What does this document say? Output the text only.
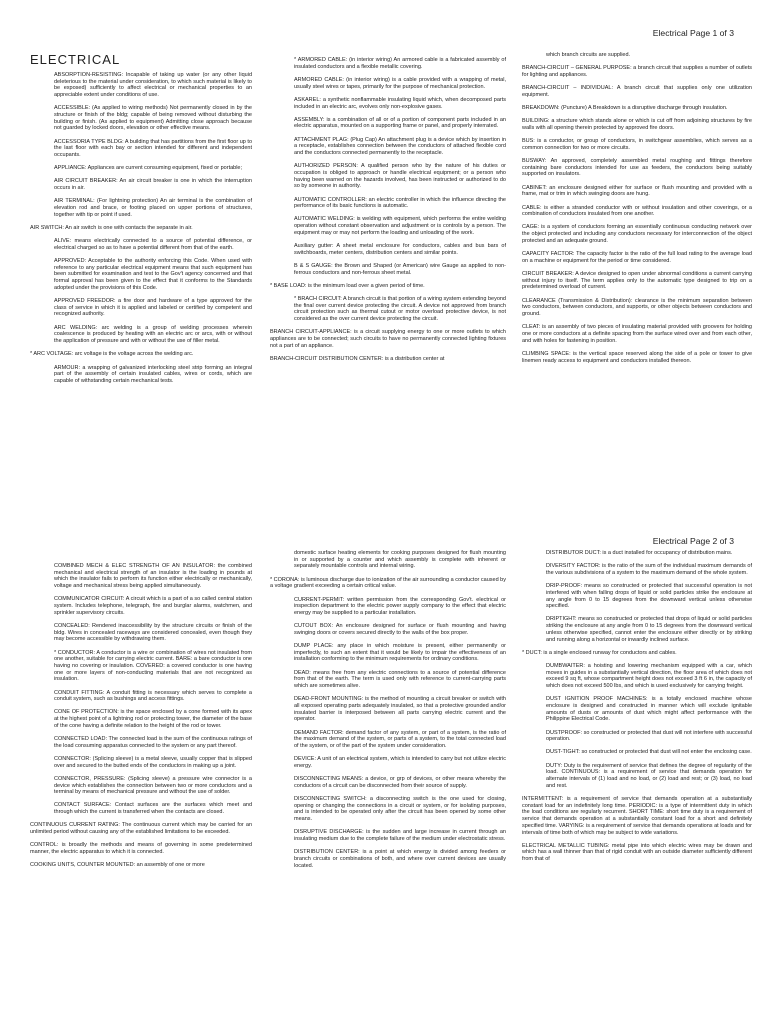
Electrical Page 1 of 3
ELECTRICAL
ABSORPTION-RESISTING: Incapable of taking up water (or any other liquid deleterious to the material under consideration, to which such material is likely to be exposed) sufficiently to affect electrical or mechanical properties to an appreciable extent under conditions of use.
ACCESSIBLE: (As applied to wiring methods) Not permanently closed in by the structure or finish of the bldg; capable of being removed without disturbing the building or finish. (As applied to equipment) Admitting close approach because not guarded by locked doors, elevation or other effective means.
ACCESSORIA TYPE BLDG: A building that has partitions from the first floor up to the last floor with each bay or section intended for different and independent occupants.
APPLIANCE: Appliances are current consuming equipment, fixed or portable;
AIR CIRCUIT BREAKER: An air circuit breaker is one in which the interruption occurs in air.
AIR TERMINAL: (For lightning protection) An air terminal is the combination of elevation rod and brace, or footing placed on upper portions of structures, together with tip or point if used.
AIR SWITCH: An air switch is one with contacts the separate in air.
ALIVE: means electrically connected to a source of potential difference, or electrical charged so as to have a potential different from that of the earth.
APPROVED: Acceptable to the authority enforcing this Code. When used with reference to any particular electrical equipment means that such equipment has been submitted for examination and test to the Gov't agency concerned and that formal approval has been given to the effect that it conforms to the Standards adopted under the provisions of this Code.
APPROVED FREEDOR: a fire door and hardware of a type approved for the class of service in which it is applied and labeled or certified by competent and recognized authority.
ARC WELDING: arc welding is a group of welding processes wherein coalescence is produced by heating with an electric arc or arcs, with or without the application of pressure and with or without the use of filler metal.
* ARC VOLTAGE: arc voltage is the voltage across the welding arc.
ARMOUR: a wrapping of galvanized interlocking steel strip forming an integral part of the assembly of certain insulated cables, wires or cords, which are capable of withstanding certain mechanical tests.
* ARMORED CABLE: (in interior wiring) An armored cable is a fabricated assembly of insulated conductors and a flexible metallic covering.
ARMORED CABLE: (in interior wiring) is a cable provided with a wrapping of metal, usually steel wires or tapes, primarily for the purpose of mechanical protection.
ASKAREL: a synthetic nonflammable insulating liquid which, when decomposed parts included in an electric arc, evolves only non-explosive gases.
ASSEMBLY: is a combination of all or of a portion of component parts included in an electric apparatus, mounted on a supporting frame or panel, and properly interrated.
ATTACHMENT PLAG: (Plug Cap) An attachment plug is a device which by insertion in a receptacle, establishes connection between the conductors of attached flexible cord and the conductors connected permanently to the receptacle.
AUTHORIZED PERSON: A qualified person who by the nature of his duties or occupation is obliged to approach or handle electrical equipment; or a person who having been warned on the hazards involved, has been instructed or authorized to do so by someone in authority.
AUTOMATIC CONTROLLER: an electric controller in which the influence directing the performance of its basic functions is automatic.
AUTOMATIC WELDING: is welding with equipment, which performs the entire welding operation without constant observation and adjustment or is controls by a person. The equipment may or may not perform the loading and unloading of the work.
Auxiliary gutter: A sheet metal enclosure for conductors, cables and bus bars of switchboards, meter centers, distribution centers and similar points.
B & S GAUGE: the Brown and Shaped (or American) wire Gauge as applied to non-ferrous conductors and non-ferrous sheet metal.
* BASE LOAD: is the minimum load over a given period of time.
* BRACH CIRCUIT: A branch circuit is that portion of a wiring system extending beyond the final over current device protecting the circuit. A device not approved from branch circuit protection such as thermal cutout or motor overload protective device, is not considered as the over current device protecting the circuit.
BRANCH CIRCUIT-APPLIANCE: is a circuit supplying energy to one or more outlets to which appliances are to be connected; such circuits to have no permanently connected lighting fixtures not a part of an appliance.
BRANCH-CIRCUIT DISTRIBUTION CENTER: is a distribution center at
which branch circuits are supplied.
BRANCH-CIRCUIT – GENERAL PURPOSE: a branch circuit that supplies a number of outlets for lighting and appliances.
BRANCH-CIRCUIT – INDIVIDUAL: A branch circuit that supplies only one utilization equipment.
BREAKDOWN: (Puncture) A Breakdown is a disruptive discharge through insulation.
BUILDING: a structure which stands alone or which is cut off from adjoining structures by fire walls with all opening therein protected by approved fire doors.
BUS: is a conductor, or group of conductors, in switchgear assemblies, which serves as a common connection for two or more circuits.
BUSWAY: An approved, completely assembled metal roughing and fittings therefore containing bare conductors intended for use as feeders, the conductors being suitably supported on insulators.
CABINET: an enclosure designed either for surface or flush mounting and provided with a frame, mat or trim in which swinging doors are hung.
CABLE: is either a stranded conductor with or without insulation and other coverings, or a combination of conductors insulated from one another.
CAGE: is a system of conductors forming an essentially continuous conducting network over the object protected and including any conductors necessary for interconnection of the object protected and an adequate ground.
CAPACITY FACTOR: The capacity factor is the ratio of the full load rating to the average load on a machine or equipment for the period or time considered.
CIRCUIT BREAKER: A device designed to open under abnormal conditions a current carrying without injury to itself. The term applies only to the automatic type designed to trip on a predetermined overload of current.
CLEARANCE (Transmission & Distribution): clearance is the minimum separation between two conductors, between conductors, and supports, or other objects between conductors and ground.
CLEAT: is an assembly of two pieces of insulating material provided with groovers for holding one or more conductors at a definite spacing from the surface wired over and from each other, and with holes for fastening in position.
CLIMBING SPACE: is the vertical space reserved along the side of a pole or tower to give linemen ready access to equipment and conductors installed thereon.
Electrical Page 2 of 3
COMBINED MECH & ELEC STRENGTH OF AN INSULATOR: the combined mechanical and electrical strength of an insulator is the loading in pounds at which the insulator fails to perform its function either electrically or mechanically, voltage and mechanical stress being applied simultaneously.
COMMUNICATOR CIRCUIT: A circuit which is a part of a so called central station system. Includes telephone, telegraph, fire and burglar alarms, watchmen, and sprinkler supervisory circuits.
CONCEALED: Rendered inaccessibility by the structure circuits or finish of the bldg. Wires in concealed raceways are considered concealed, even though they may become accessible by withdrawing them.
* CONDUCTOR: A conductor is a wire or combination of wires not insulated from one another, suitable for carrying electric current. BARE: a bare conductor is one having no covering or insulation. COVERED: a covered conductor is one having one or more layers of non-conducting materials that are not recognized as insulation.
CONDUIT FITTING: A conduit fitting is necessary which serves to complete a conduit system, such as bushings and access fittings.
CONE OF PROTECTION: is the space enclosed by a cone formed with its apex at the highest point of a lightning rod or protecting tower, the diameter of the base of the cone having a definite relation to the height of the rod or tower.
CONNECTED LOAD: The connected load is the sum of the continuous ratings of the load consuming apparatus connected to the system or any part thereof.
CONNECTOR: (Splicing sleeve) is a metal sleeve, usually copper that is slipped over and secured to the butted ends of the conductors in making up a joint.
CONNECTOR, PRESSURE: (Splicing sleeve) a pressure wire connector is a device which establishes the connection between two or more conductors and a terminal by means of mechanical pressure and without the use of solder.
CONTACT SURFACE: Contact surfaces are the surfaces which meet and through which the current is transferred when the contacts are closed.
CONTINUOUS CURRENT RATING: The continuous current which may be carried for an unlimited period without causing any of the established limitations to be exceeded.
CONTROL: is broadly the methods and means of governing in some predetermined manner, the electric apparatus to which it is connected.
COOKING UNITS, COUNTER MOUNTED: an assembly of one or more
domestic surface heating elements for cooking purposes designed for flush mounting in or supported by a counter and which assembly is complete with inherent or separately mountable controls and internal wiring.
* CORONA: is luminous discharge due to ionization of the air surrounding a conductor caused by a voltage gradient exceeding a certain critical value.
CURRENT-PERMIT: written permission from the corresponding Gov't. electrical or inspection department to the electric power supply company to the effect that electric energy may be supplied to a particular installation.
CUTOUT BOX: An enclosure designed for surface or flush mounting and having swinging doors or covers secured directly to the walls of the box proper.
DUMP PLACE: any place in which moisture is present, either permanently or imperfectly, to such an extent that it would be likely to impair the effectiveness of an installation conforming to the minimum requirements for ordinary conditions.
DEAD: means free from any electric connections to a source of potential difference from that of the earth. The term is used only with reference to current-carrying parts which are sometimes alive.
DEAD-FRONT MOUNTING: is the method of mounting a circuit breaker or switch with all exposed operating parts adequately insulated, so that a protective grounded and/or insulated barrier is interposed between all parts carrying electric current and the operator.
DEMAND FACTOR: demand factor of any system, or part of a system, is the ratio of the maximum demand of the system, or parts of a system, to the total connected load of the system, or of the part of the system under consideration.
DEVICE: A unit of an electrical system, which is intended to carry but not utilize electric energy.
DISCONNECTING MEANS: a device, or grp of devices, or other means whereby the conductors of a circuit can be disconnected from their source of supply.
DISCONNECTING SWITCH: a disconnecting switch is the one used for closing, opening or changing the connections in a circuit or system, or for isolating purposes, and is intended to be operated only after the circuit has been opened by some other means.
DISRUPTIVE DISCHARGE: is the sudden and large increase in current through an insulating medium due to the complete failure of the medium under electrostatic stress.
DISTRIBUTION CENTER: is a point at which energy is divided among feeders or branch circuits or combinations of both, and where over current devices are usually located.
DISTRIBUTOR DUCT: is a duct installed for occupancy of distribution mains.
DIVERSITY FACTOR: is the ratio of the sum of the individual maximum demands of the various subdivisions of a system to the maximum demand of the whole system.
DRIP-PROOF: means so constructed or protected that successful operation is not interfered with when falling drops of liquid or solid particles strike the enclosure at any angle from 0 to 15 degrees from the downward vertical unless otherwise specified.
DRIPTIGHT: means so constructed or protected that drops of liquid or solid particles striking the enclosure at any angle from 0 to 15 degrees from the downward vertical unless otherwise specified, cannot enter the enclosure either directly or by striking and running along a horizontal or inwardly inclined surface.
* DUCT: is a single enclosed runway for conductors and cables.
DUMBWAITER: a hoisting and lowering mechanism equipped with a car, which moves in guides in a substantially vertical direction, the floor area of which does not exceed 9 sq ft, whose compartment height does not exceed 3 ft 6 in, the capacity of which does not exceed 500 lbs, and which is used exclusively for carrying freight.
DUST IGNITION PROOF MACHINES: is a totally enclosed machine whose enclosure is designed and constructed in manner which will exclude ignitable amounts of dusts or amounts of dust which might affect performance with the Philippine Electrical Code.
DUSTPROOF: so constructed or protected that dust will not interfere with successful operation.
DUST-TIGHT: so constructed or protected that dust will not enter the enclosing case.
DUTY: Duty is the requirement of service that defines the degree of regularity of the load. CONTINUOUS: is a requirement of service that demands operation for alternate intervals of (1) load and no load, or (2) load and rest; or (3) load, no load and rest.
INTERMITTENT: is a requirement of service that demands operation at a substantially constant load for an indefinitely long time. PERIODIC: is a type of intermittent duty in which the load conditions are regularly recurrent. SHORT TIME: short time duty is a requirement of service that demands operation at a substantially constant load for a short and definitely specified time. VARYING: is a requirement of service that demands operations at loads and for intervals of time both of which may be subject to wide variations.
ELECTRICAL METALLIC TUBING: metal pipe into which electric wires may be drawn and which has a wall thinner than that of rigid conduit with an outside diameter sufficiently different from that of
